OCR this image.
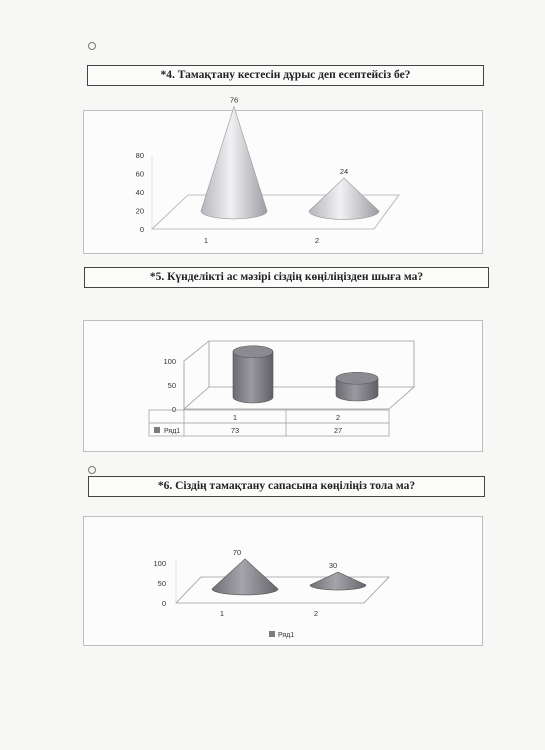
*4. Тамақтану кестесін дұрыс деп есептейсіз бе?
80
60
40
20
0
76
24
1	2
*5. Күнделікті ас мәзірі сіздің көңіліңізден шыға ма?
100
50
0
1	2
Ряд1	73	27
*6. Сіздің тамақтану сапасына көңіліңіз тола ма?
100
50
0
70
30
1	2
Ряд1
